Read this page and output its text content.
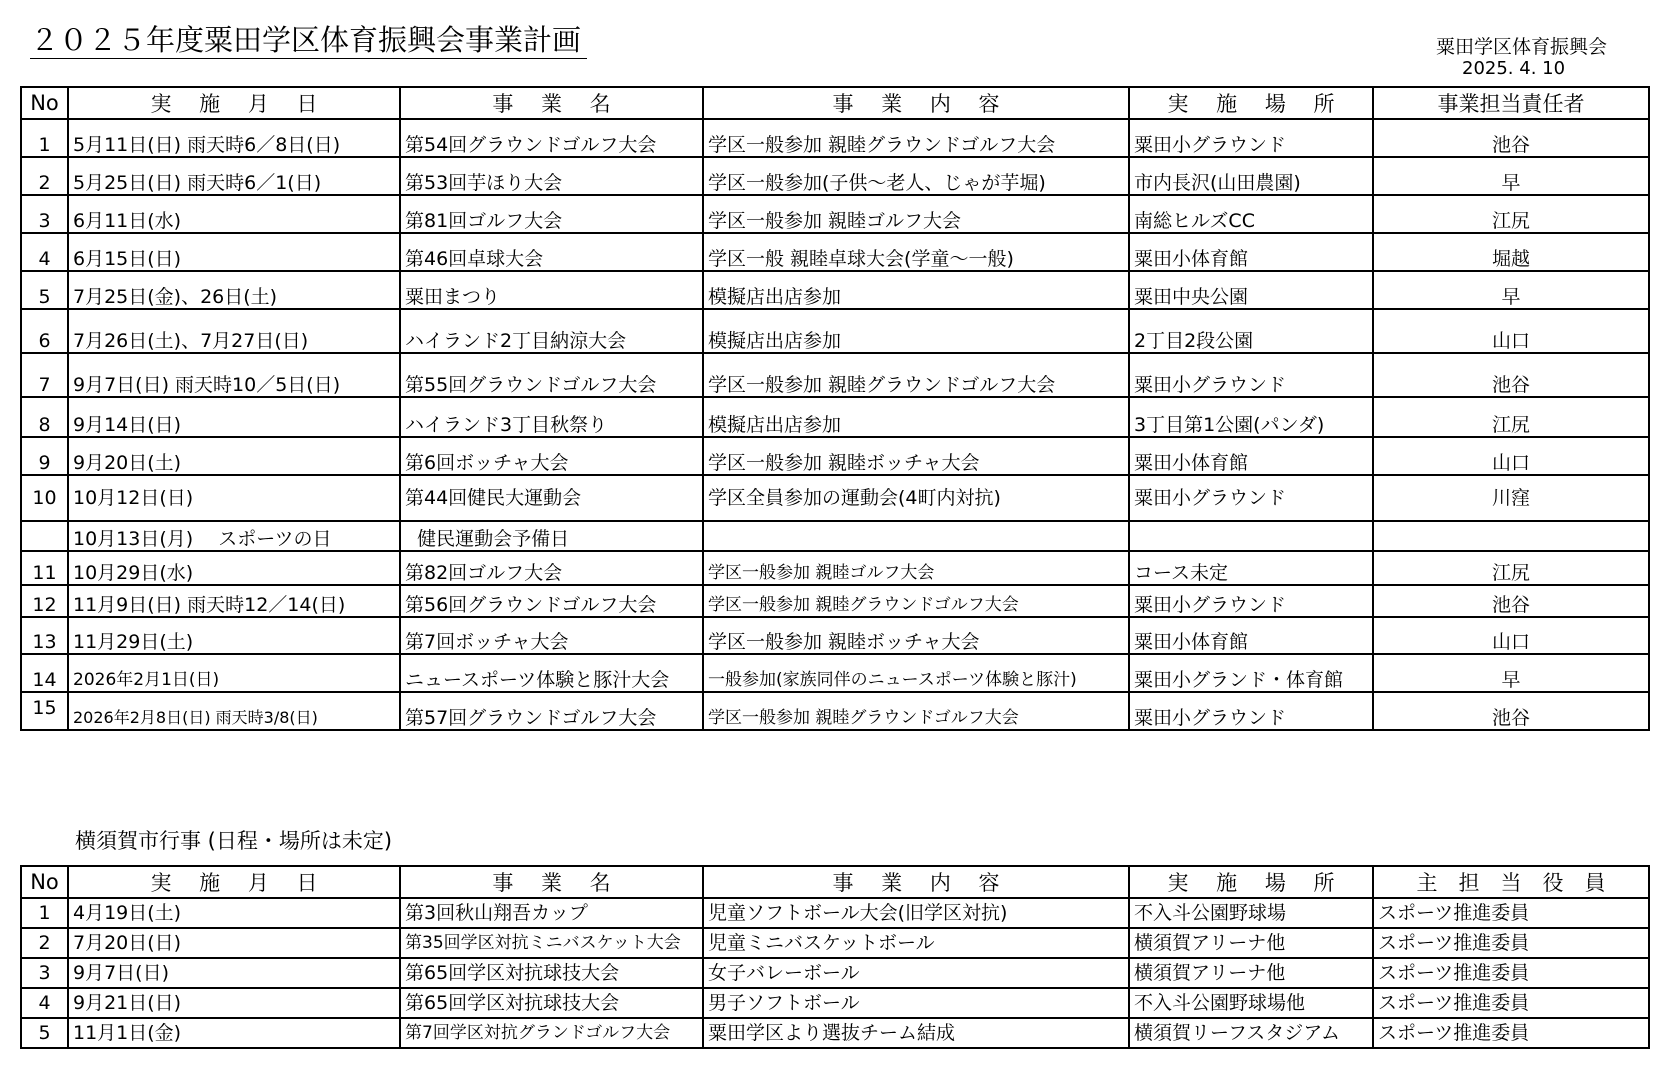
２０２５年度粟田学区体育振興会事業計画	粟田学区体育振興会
2025. 4. 10
No	実　 施　 月　 日	事　 業　 名	事　 業　 内　 容	実　 施　 場　 所	事業担当責任者
1	5月11日(日) 雨天時6／8日(日)	第54回グラウンドゴルフ大会	学区一般参加 親睦グラウンドゴルフ大会	粟田小グラウンド	池谷
2	5月25日(日) 雨天時6／1(日)	第53回芋ほり大会	学区一般参加(子供～老人、じゃが芋堀)	市内長沢(山田農園)	早
3	6月11日(水)	第81回ゴルフ大会	学区一般参加 親睦ゴルフ大会	南総ヒルズCC	江尻
4	6月15日(日)	第46回卓球大会	学区一般 親睦卓球大会(学童～一般)	粟田小体育館	堀越
5	7月25日(金)、26日(土)	粟田まつり	模擬店出店参加	粟田中央公園	早
6	7月26日(土)、7月27日(日)	ハイランド2丁目納涼大会	模擬店出店参加	2丁目2段公園	山口
7	9月7日(日) 雨天時10／5日(日)	第55回グラウンドゴルフ大会	学区一般参加 親睦グラウンドゴルフ大会	粟田小グラウンド	池谷
8	9月14日(日)	ハイランド3丁目秋祭り	模擬店出店参加	3丁目第1公園(パンダ)	江尻
9	9月20日(土)	第6回ボッチャ大会	学区一般参加 親睦ボッチャ大会	粟田小体育館	山口
10	10月12日(日)	第44回健民大運動会	学区全員参加の運動会(4町内対抗)	粟田小グラウンド	川窪
	10月13日(月)　 スポーツの日	健民運動会予備日			
11	10月29日(水)	第82回ゴルフ大会	学区一般参加 親睦ゴルフ大会	コース未定	江尻
12	11月9日(日) 雨天時12／14(日)	第56回グラウンドゴルフ大会	学区一般参加 親睦グラウンドゴルフ大会	粟田小グラウンド	池谷
13	11月29日(土)	第7回ボッチャ大会	学区一般参加 親睦ボッチャ大会	粟田小体育館	山口
14	2026年2月1日(日)	ニュースポーツ体験と豚汁大会	一般参加(家族同伴のニュースポーツ体験と豚汁)	粟田小グランド・体育館	早
15	2026年2月8日(日) 雨天時3/8(日)	第57回グラウンドゴルフ大会	学区一般参加 親睦グラウンドゴルフ大会	粟田小グラウンド	池谷
横須賀市行事 (日程・場所は未定)
No	実　 施　 月　 日	事　 業　 名	事　 業　 内　 容	実　 施　 場　 所	主　担　当　役　員
1	4月19日(土)	第3回秋山翔吾カップ	児童ソフトボール大会(旧学区対抗)	不入斗公園野球場	スポーツ推進委員
2	7月20日(日)	第35回学区対抗ミニバスケット大会	児童ミニバスケットボール	横須賀アリーナ他	スポーツ推進委員
3	9月7日(日)	第65回学区対抗球技大会	女子バレーボール	横須賀アリーナ他	スポーツ推進委員
4	9月21日(日)	第65回学区対抗球技大会	男子ソフトボール	不入斗公園野球場他	スポーツ推進委員
5	11月1日(金)	第7回学区対抗グランドゴルフ大会	粟田学区より選抜チーム結成	横須賀リーフスタジアム	スポーツ推進委員
